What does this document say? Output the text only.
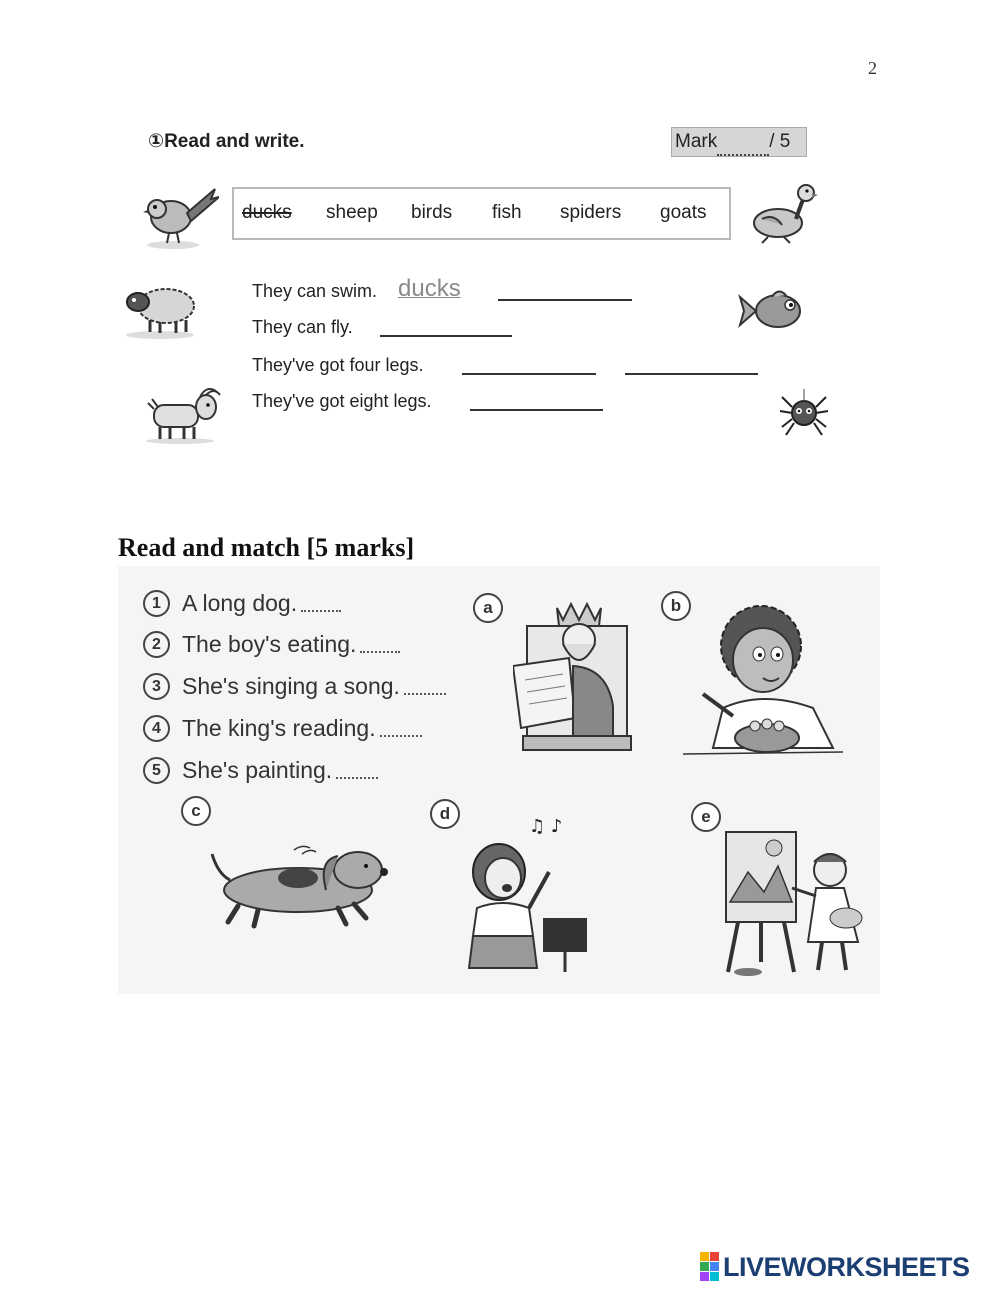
2
①Read and write.	Mark	/ 5
ducks sheep birds fish spiders goats
They can swim. ducks
They can fly.
They've got four legs.
They've got eight legs.
Read and match [5 marks]
1 A long dog.
2 The boy's eating.
3 She's singing a song.
4 The king's reading.
5 She's painting.
a	b
c	d
♫ ♪	e
LIVEWORKSHEETS
